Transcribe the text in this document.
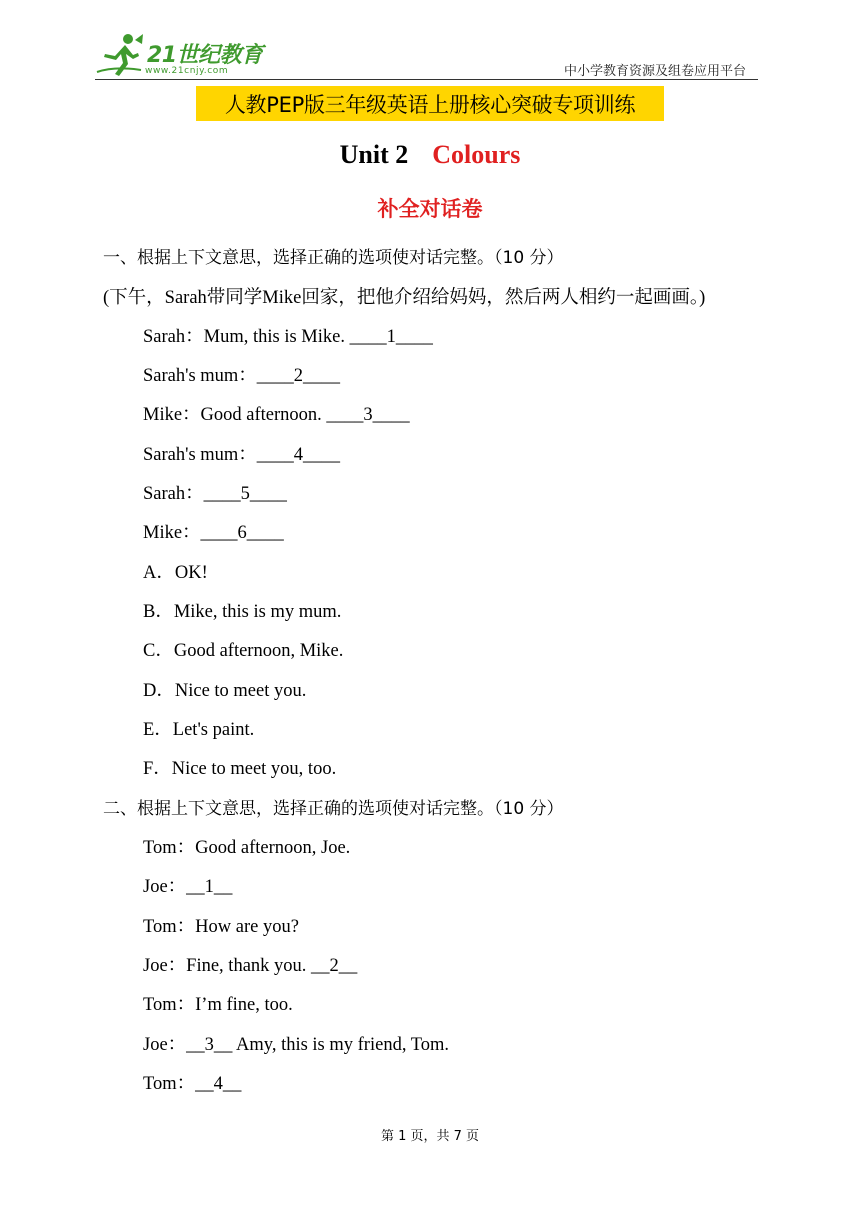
21世纪教育
www.21cnjy.com	中小学教育资源及组卷应用平台
人教PEP版三年级英语上册核心突破专项训练
Unit 2 Colours
补全对话卷
一、根据上下文意思，选择正确的选项使对话完整。（10 分）
(下午，Sarah带同学Mike回家，把他介绍给妈妈，然后两人相约一起画画。)
Sarah：Mum, this is Mike. ____1____
Sarah's mum：____2____
Mike：Good afternoon. ____3____
Sarah's mum：____4____
Sarah：____5____
Mike：____6____
A．OK!
B．Mike, this is my mum.
C．Good afternoon, Mike.
D．Nice to meet you.
E．Let's paint.
F．Nice to meet you, too.
二、根据上下文意思，选择正确的选项使对话完整。（10 分）
Tom：Good afternoon, Joe.
Joe：__1__
Tom：How are you?
Joe：Fine, thank you. __2__
Tom：I’m fine, too.
Joe：__3__ Amy, this is my friend, Tom.
Tom：__4__
第 1 页，共 7 页
